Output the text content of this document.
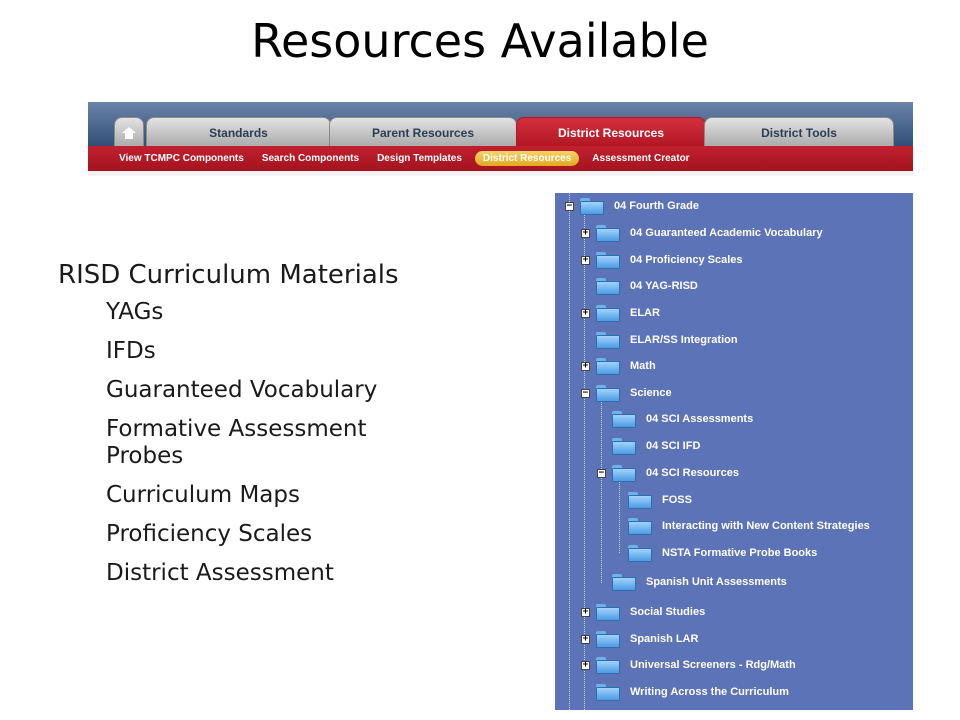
Resources Available
Standards	Parent Resources	District Resources	District Tools
View TCMPC Components	Search Components	Design Templates	District Resources	Assessment Creator
RISD Curriculum Materials
YAGs
IFDs
Guaranteed Vocabulary
Formative Assessment Probes
Curriculum Maps
Proficiency Scales
District Assessment
−	04 Fourth Grade
+	04 Guaranteed Academic Vocabulary
+	04 Proficiency Scales
04 YAG-RISD
+	ELAR
ELAR/SS Integration
+	Math
−	Science
04 SCI Assessments
04 SCI IFD
−	04 SCI Resources
FOSS
Interacting with New Content Strategies
NSTA Formative Probe Books
Spanish Unit Assessments
+	Social Studies
+	Spanish LAR
+	Universal Screeners - Rdg/Math
Writing Across the Curriculum
